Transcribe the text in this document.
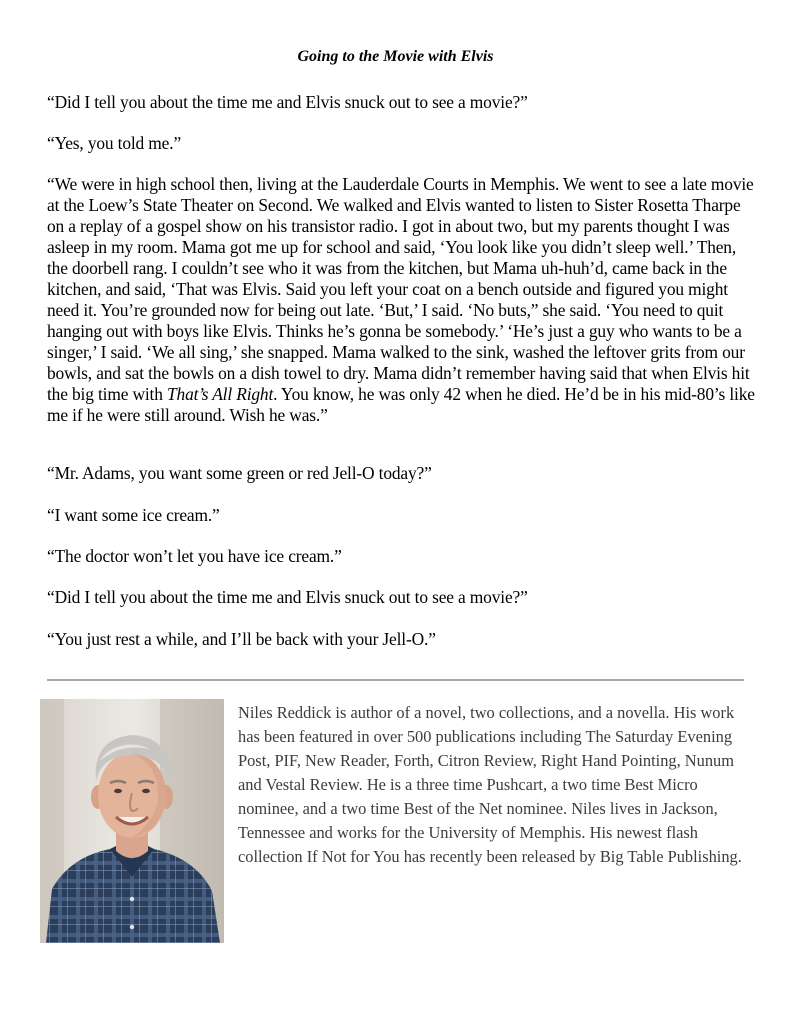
Going to the Movie with Elvis

“Did I tell you about the time me and Elvis snuck out to see a movie?”

“Yes, you told me.”

“We were in high school then, living at the Lauderdale Courts in Memphis. We went to see a late movie at the Loew’s State Theater on Second. We walked and Elvis wanted to listen to Sister Rosetta Tharpe on a replay of a gospel show on his transistor radio. I got in about two, but my parents thought I was asleep in my room. Mama got me up for school and said, ‘You look like you didn’t sleep well.’ Then, the doorbell rang. I couldn’t see who it was from the kitchen, but Mama uh-huh’d, came back in the kitchen, and said, ‘That was Elvis. Said you left your coat on a bench outside and figured you might need it. You’re grounded now for being out late. ‘But,’ I said. ‘No buts,” she said. ‘You need to quit hanging out with boys like Elvis. Thinks he’s gonna be somebody.’ ‘He’s just a guy who wants to be a singer,’ I said. ‘We all sing,’ she snapped. Mama walked to the sink, washed the leftover grits from our bowls, and sat the bowls on a dish towel to dry. Mama didn’t remember having said that when Elvis hit the big time with That’s All Right. You know, he was only 42 when he died. He’d be in his mid-80’s like me if he were still around. Wish he was.”

“Mr. Adams, you want some green or red Jell-O today?”

“I want some ice cream.”

“The doctor won’t let you have ice cream.”

“Did I tell you about the time me and Elvis snuck out to see a movie?”

“You just rest a while, and I’ll be back with your Jell-O.”

Niles Reddick is author of a novel, two collections, and a novella. His work has been featured in over 500 publications including The Saturday Evening Post, PIF, New Reader, Forth, Citron Review, Right Hand Pointing, Nunum and Vestal Review. He is a three time Pushcart, a two time Best Micro nominee, and a two time Best of the Net nominee. Niles lives in Jackson, Tennessee and works for the University of Memphis. His newest flash collection If Not for You has recently been released by Big Table Publishing.
